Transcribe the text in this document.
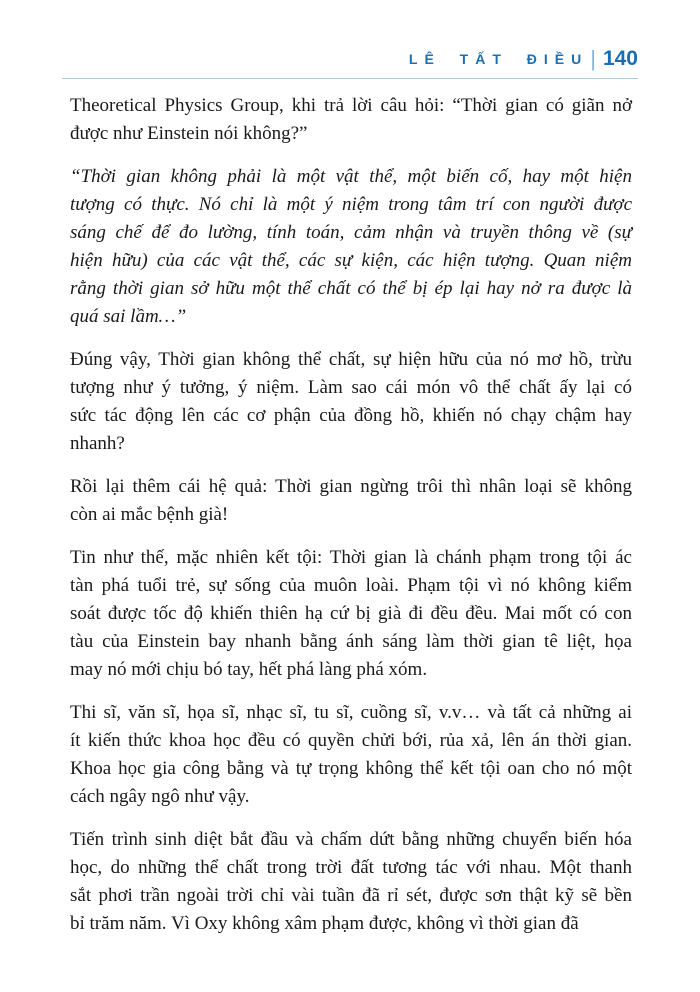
LÊ TẤT ĐIỀU | 140

Theoretical Physics Group, khi trả lời câu hỏi: “Thời gian có giãn nở
được như Einstein nói không?”

“Thời gian không phải là một vật thể, một biến cố, hay một hiện
tượng có thực. Nó chỉ là một ý niệm trong tâm trí con người được
sáng chế để đo lường, tính toán, cảm nhận và truyền thông về (sự
hiện hữu) của các vật thể, các sự kiện, các hiện tượng. Quan niệm
rằng thời gian sở hữu một thể chất có thể bị ép lại hay nở ra được là
quá sai lầm…”

Đúng vậy, Thời gian không thể chất, sự hiện hữu của nó mơ hồ, trừu
tượng như ý tưởng, ý niệm. Làm sao cái món vô thể chất ấy lại có
sức tác động lên các cơ phận của đồng hồ, khiến nó chạy chậm hay
nhanh?

Rồi lại thêm cái hệ quả: Thời gian ngừng trôi thì nhân loại sẽ không
còn ai mắc bệnh già!

Tin như thế, mặc nhiên kết tội: Thời gian là chánh phạm trong tội ác
tàn phá tuổi trẻ, sự sống của muôn loài. Phạm tội vì nó không kiểm
soát được tốc độ khiến thiên hạ cứ bị già đi đều đều. Mai mốt có con
tàu của Einstein bay nhanh bằng ánh sáng làm thời gian tê liệt, họa
may nó mới chịu bó tay, hết phá làng phá xóm.

Thi sĩ, văn sĩ, họa sĩ, nhạc sĩ, tu sĩ, cuồng sĩ, v.v… và tất cả những ai
ít kiến thức khoa học đều có quyền chửi bới, rủa xả, lên án thời gian.
Khoa học gia công bằng và tự trọng không thể kết tội oan cho nó một
cách ngây ngô như vậy.

Tiến trình sinh diệt bắt đầu và chấm dứt bằng những chuyển biến hóa
học, do những thể chất trong trời đất tương tác với nhau. Một thanh
sắt phơi trần ngoài trời chỉ vài tuần đã rỉ sét, được sơn thật kỹ sẽ bền
bỉ trăm năm. Vì Oxy không xâm phạm được, không vì thời gian đã
